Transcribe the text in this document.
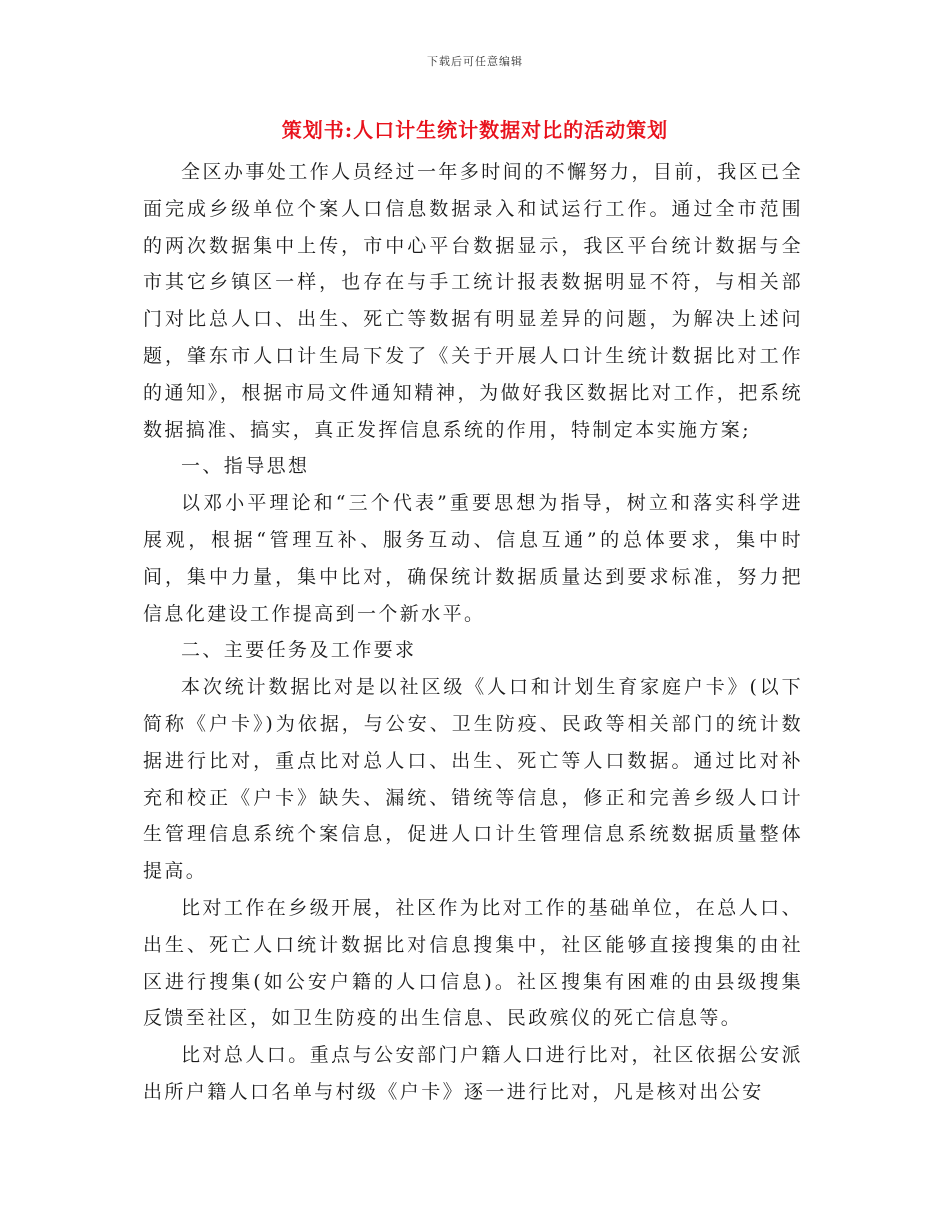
下载后可任意编辑
策划书:人口计生统计数据对比的活动策划

全区办事处工作人员经过一年多时间的不懈努力，目前，我区已全面完成乡级单位个案人口信息数据录入和试运行工作。通过全市范围的两次数据集中上传，市中心平台数据显示，我区平台统计数据与全市其它乡镇区一样，也存在与手工统计报表数据明显不符，与相关部门对比总人口、出生、死亡等数据有明显差异的问题，为解决上述问题，肇东市人口计生局下发了《关于开展人口计生统计数据比对工作的通知》，根据市局文件通知精神，为做好我区数据比对工作，把系统数据搞准、搞实，真正发挥信息系统的作用，特制定本实施方案;

一、指导思想

以邓小平理论和“三个代表”重要思想为指导，树立和落实科学进展观，根据“管理互补、服务互动、信息互通”的总体要求，集中时间，集中力量，集中比对，确保统计数据质量达到要求标准，努力把信息化建设工作提高到一个新水平。

二、主要任务及工作要求

本次统计数据比对是以社区级《人口和计划生育家庭户卡》(以下简称《户卡》)为依据，与公安、卫生防疫、民政等相关部门的统计数据进行比对，重点比对总人口、出生、死亡等人口数据。通过比对补充和校正《户卡》缺失、漏统、错统等信息，修正和完善乡级人口计生管理信息系统个案信息，促进人口计生管理信息系统数据质量整体提高。

比对工作在乡级开展，社区作为比对工作的基础单位，在总人口、出生、死亡人口统计数据比对信息搜集中，社区能够直接搜集的由社区进行搜集(如公安户籍的人口信息)。社区搜集有困难的由县级搜集反馈至社区，如卫生防疫的出生信息、民政殡仪的死亡信息等。

比对总人口。重点与公安部门户籍人口进行比对，社区依据公安派出所户籍人口名单与村级《户卡》逐一进行比对，凡是核对出公安
